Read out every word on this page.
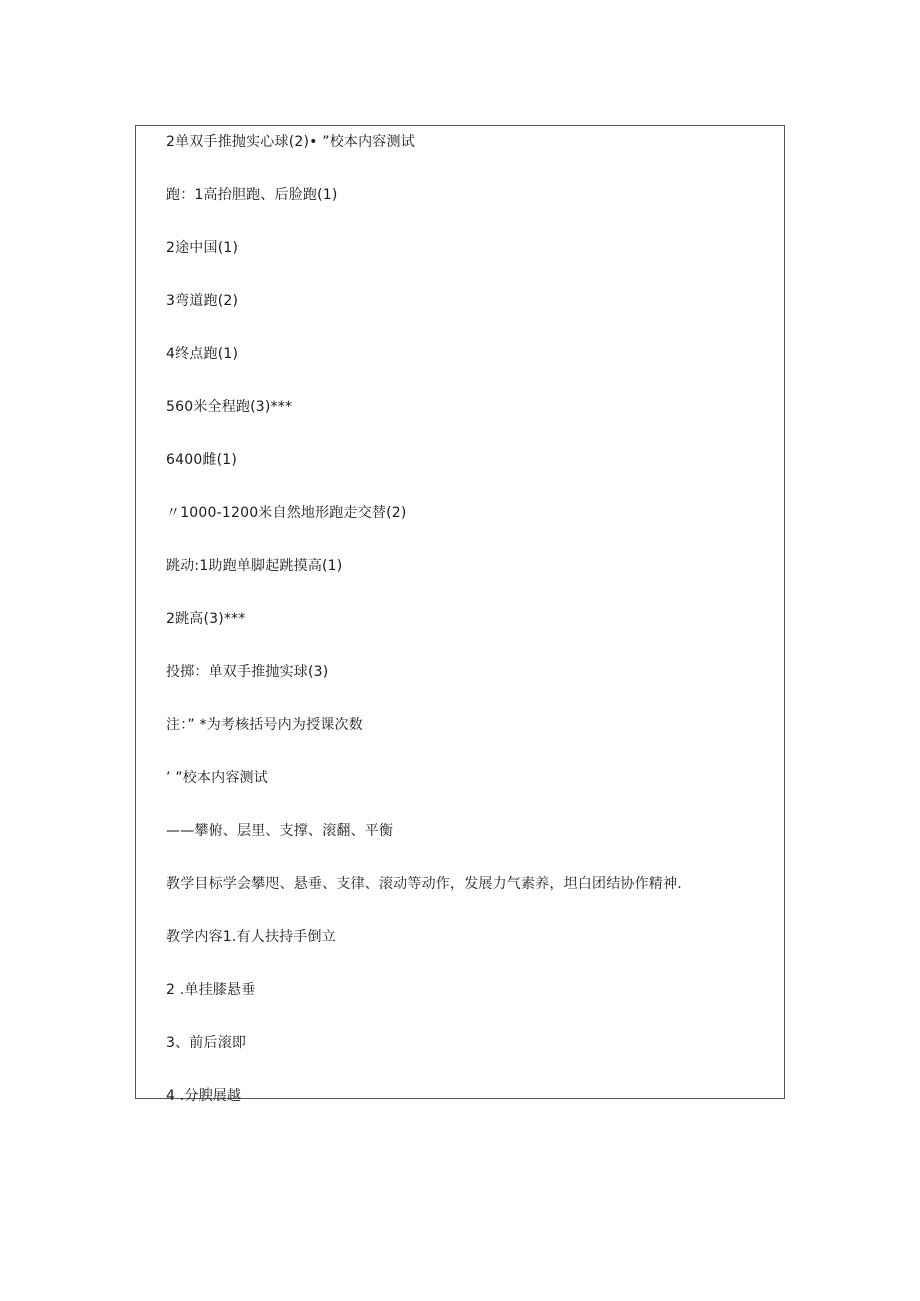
2单双手推抛实心球(2)• ”校本内容测试
跑：1高抬胆跑、后脸跑(1)
2途中国(1)
3弯道跑(2)
4终点跑(1)
560米全程跑(3)***
6400雌(1)
〃1000-1200米自然地形跑走交替(2)
跳动:1助跑单脚起跳摸高(1)
2跳高(3)***
投掷：单双手推抛实球(3)
注：” *为考核括号内为授课次数
’ ”校本内容测试
——攀俯、层里、支撑、滚翻、平衡
教学目标学会攀咫、悬垂、支律、滚动等动作，发展力气素养，坦白团结协作精神.
教学内容1.有人扶持手倒立
2 .单挂膝悬垂
3、前后滚即
4 .分腴展越
